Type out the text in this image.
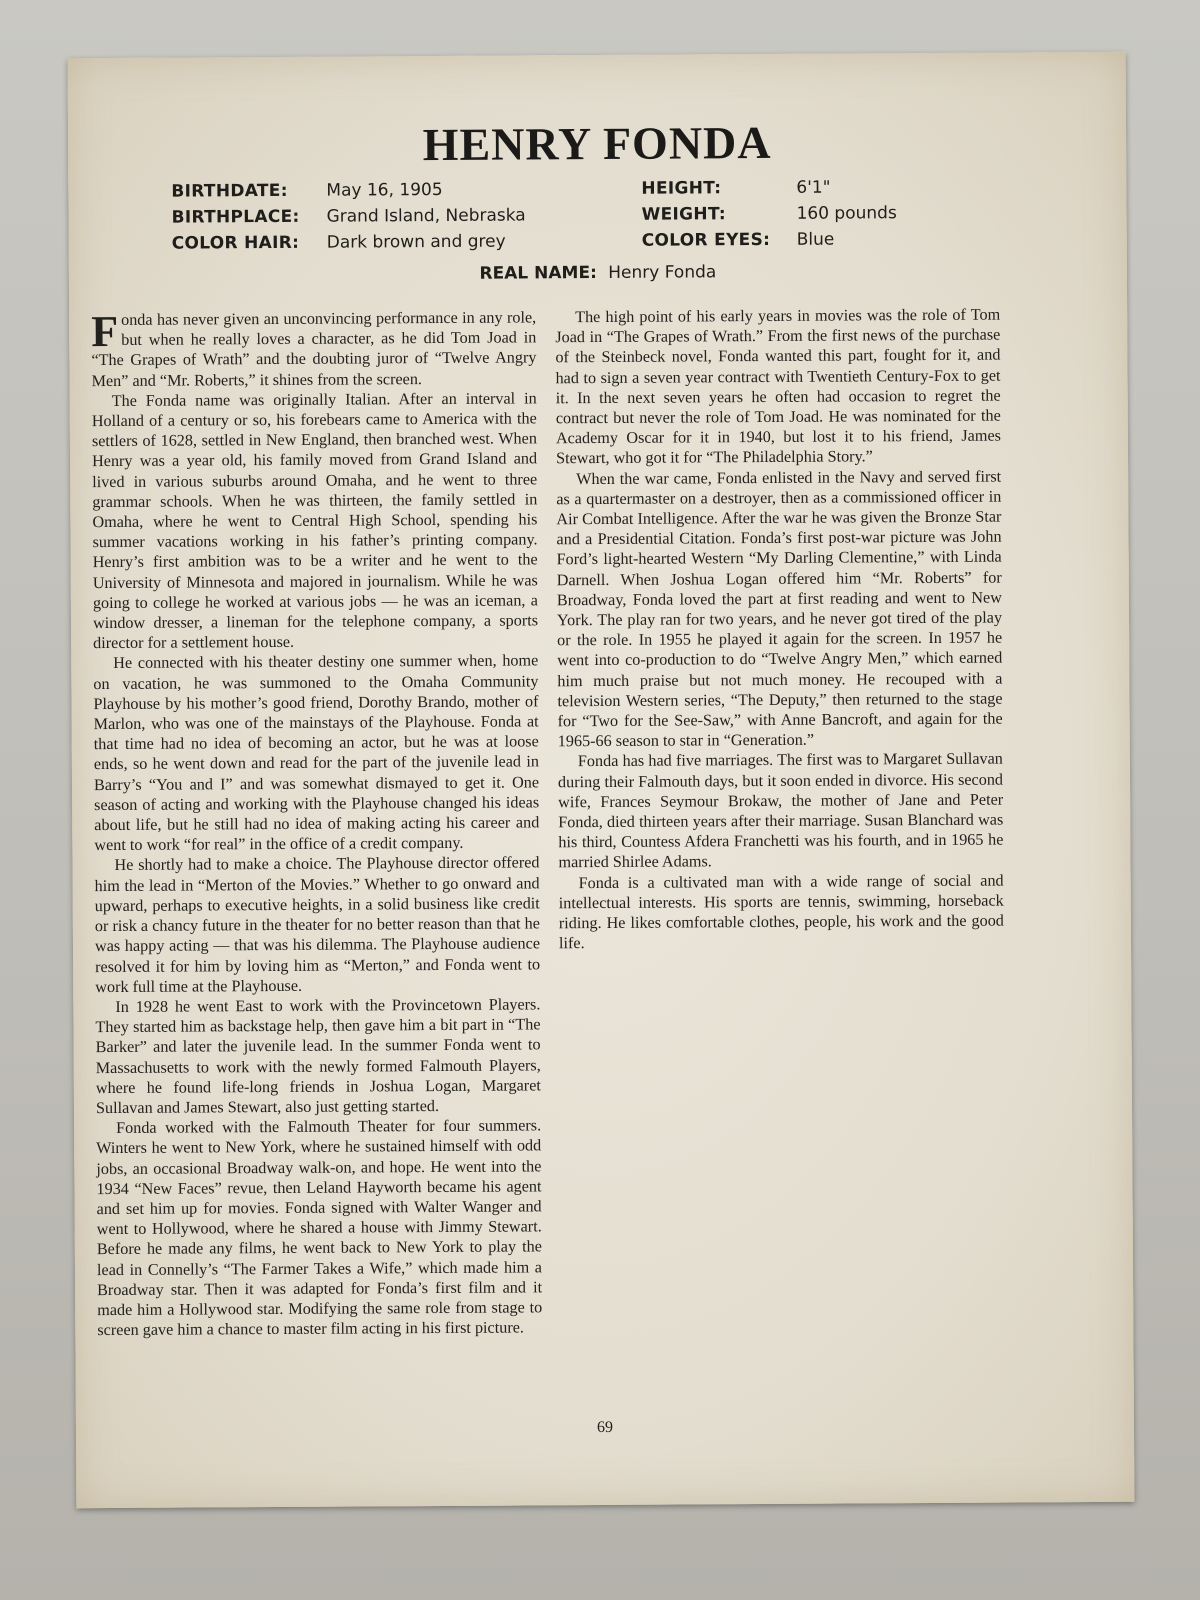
HENRY FONDA
BIRTHDATE: May 16, 1905	HEIGHT:	6'1"
BIRTHPLACE: Grand Island, Nebraska	WEIGHT:	160 pounds
COLOR HAIR: Dark brown and grey	COLOR EYES: Blue
REAL NAME: Henry Fonda

Fonda has never given an unconvincing performance in any role, but when he really loves a character, as he did Tom Joad in “The Grapes of Wrath” and the doubting juror of “Twelve Angry Men” and “Mr. Roberts,” it shines from the screen.

The Fonda name was originally Italian. After an interval in Holland of a century or so, his forebears came to America with the settlers of 1628, settled in New England, then branched west. When Henry was a year old, his family moved from Grand Island and lived in various suburbs around Omaha, and he went to three grammar schools. When he was thirteen, the family settled in Omaha, where he went to Central High School, spending his summer vacations working in his father’s printing company. Henry’s first ambition was to be a writer and he went to the University of Minnesota and majored in journalism. While he was going to college he worked at various jobs — he was an iceman, a window dresser, a lineman for the telephone company, a sports director for a settlement house.

He connected with his theater destiny one summer when, home on vacation, he was summoned to the Omaha Community Playhouse by his mother’s good friend, Dorothy Brando, mother of Marlon, who was one of the mainstays of the Playhouse. Fonda at that time had no idea of becoming an actor, but he was at loose ends, so he went down and read for the part of the juvenile lead in Barry’s “You and I” and was somewhat dismayed to get it. One season of acting and working with the Playhouse changed his ideas about life, but he still had no idea of making acting his career and went to work “for real” in the office of a credit company.

He shortly had to make a choice. The Playhouse director offered him the lead in “Merton of the Movies.” Whether to go onward and upward, perhaps to executive heights, in a solid business like credit or risk a chancy future in the theater for no better reason than that he was happy acting — that was his dilemma. The Playhouse audience resolved it for him by loving him as “Merton,” and Fonda went to work full time at the Playhouse.

In 1928 he went East to work with the Provincetown Players. They started him as backstage help, then gave him a bit part in “The Barker” and later the juvenile lead. In the summer Fonda went to Massachusetts to work with the newly formed Falmouth Players, where he found life-long friends in Joshua Logan, Margaret Sullavan and James Stewart, also just getting started.

Fonda worked with the Falmouth Theater for four summers. Winters he went to New York, where he sustained himself with odd jobs, an occasional Broadway walk-on, and hope. He went into the 1934 “New Faces” revue, then Leland Hayworth became his agent and set him up for movies. Fonda signed with Walter Wanger and went to Hollywood, where he shared a house with Jimmy Stewart. Before he made any films, he went back to New York to play the lead in Connelly’s “The Farmer Takes a Wife,” which made him a Broadway star. Then it was adapted for Fonda’s first film and it made him a Hollywood star. Modifying the same role from stage to screen gave him a chance to master film acting in his first picture.

The high point of his early years in movies was the role of Tom Joad in “The Grapes of Wrath.” From the first news of the purchase of the Steinbeck novel, Fonda wanted this part, fought for it, and had to sign a seven year contract with Twentieth Century-Fox to get it. In the next seven years he often had occasion to regret the contract but never the role of Tom Joad. He was nominated for the Academy Oscar for it in 1940, but lost it to his friend, James Stewart, who got it for “The Philadelphia Story.”

When the war came, Fonda enlisted in the Navy and served first as a quartermaster on a destroyer, then as a commissioned officer in Air Combat Intelligence. After the war he was given the Bronze Star and a Presidential Citation. Fonda’s first post-war picture was John Ford’s light-hearted Western “My Darling Clementine,” with Linda Darnell. When Joshua Logan offered him “Mr. Roberts” for Broadway, Fonda loved the part at first reading and went to New York. The play ran for two years, and he never got tired of the play or the role. In 1955 he played it again for the screen. In 1957 he went into co-production to do “Twelve Angry Men,” which earned him much praise but not much money. He recouped with a television Western series, “The Deputy,” then returned to the stage for “Two for the See-Saw,” with Anne Bancroft, and again for the 1965-66 season to star in “Generation.”

Fonda has had five marriages. The first was to Margaret Sullavan during their Falmouth days, but it soon ended in divorce. His second wife, Frances Seymour Brokaw, the mother of Jane and Peter Fonda, died thirteen years after their marriage. Susan Blanchard was his third, Countess Afdera Franchetti was his fourth, and in 1965 he married Shirlee Adams.

Fonda is a cultivated man with a wide range of social and intellectual interests. His sports are tennis, swimming, horseback riding. He likes comfortable clothes, people, his work and the good life.

69
